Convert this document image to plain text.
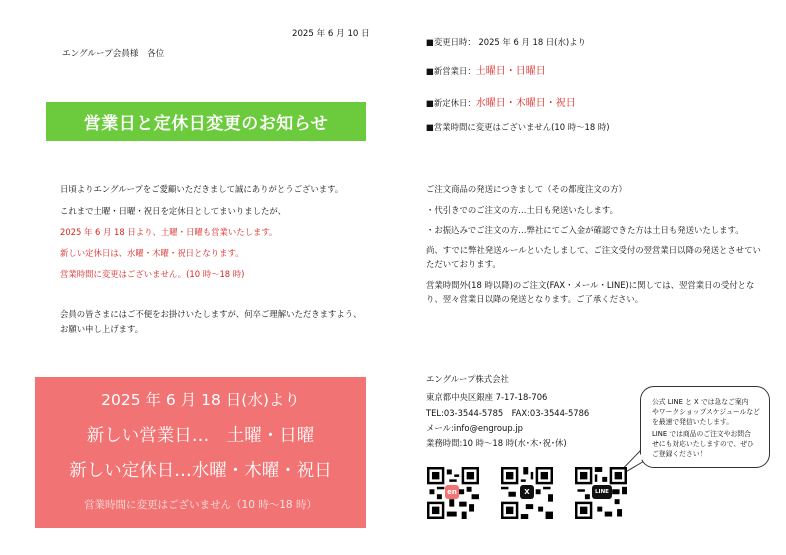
2025 年 6 月 10 日
エングループ会員様　各位
営業日と定休日変更のお知らせ
日頃よりエングループをご愛顧いただきまして誠にありがとうございます。
これまで土曜・日曜・祝日を定休日としてまいりましたが、
2025 年 6 月 18 日より、土曜・日曜も営業いたします。
新しい定休日は、水曜・木曜・祝日となります。
営業時間に変更はございません。(10 時～18 時)
会員の皆さまにはご不便をお掛けいたしますが、何卒ご理解いただきますよう、
お願い申し上げます。
2025 年 6 月 18 日(水)より
新しい営業日…　土曜・日曜
新しい定休日…水曜・木曜・祝日
営業時間に変更はございません（10 時～18 時）
■変更日時： 2025 年 6 月 18 日(水)より
■新営業日：土曜日・日曜日
■新定休日：水曜日・木曜日・祝日
■営業時間に変更はございません(10 時～18 時)
ご注文商品の発送につきまして（その都度注文の方）
・代引きでのご注文の方…土日も発送いたします。
・お振込みでご注文の方…弊社にてご入金が確認できた方は土日も発送いたします。
尚、すでに弊社発送ルールといたしまして、ご注文受付の翌営業日以降の発送とさせてい
ただいております。
営業時間外(18 時以降)のご注文(FAX・メール・LINE)に関しては、翌営業日の受付とな
り、翌々営業日以降の発送となります。ご了承ください。
エングループ株式会社
東京都中央区銀座 7-17-18-706
TEL:03-3544-5785　FAX:03-3544-5786
メール:info@engroup.jp
業務時間:10 時～18 時(水･木･祝･休)
公式 LINE と X では急なご案内
やワークショップスケジュールなど
を最速で発信いたします。
LINE では商品のご注文やお問合
せにも対応いたしますので、ぜひ
ご登録ください！
en	X	LINE
